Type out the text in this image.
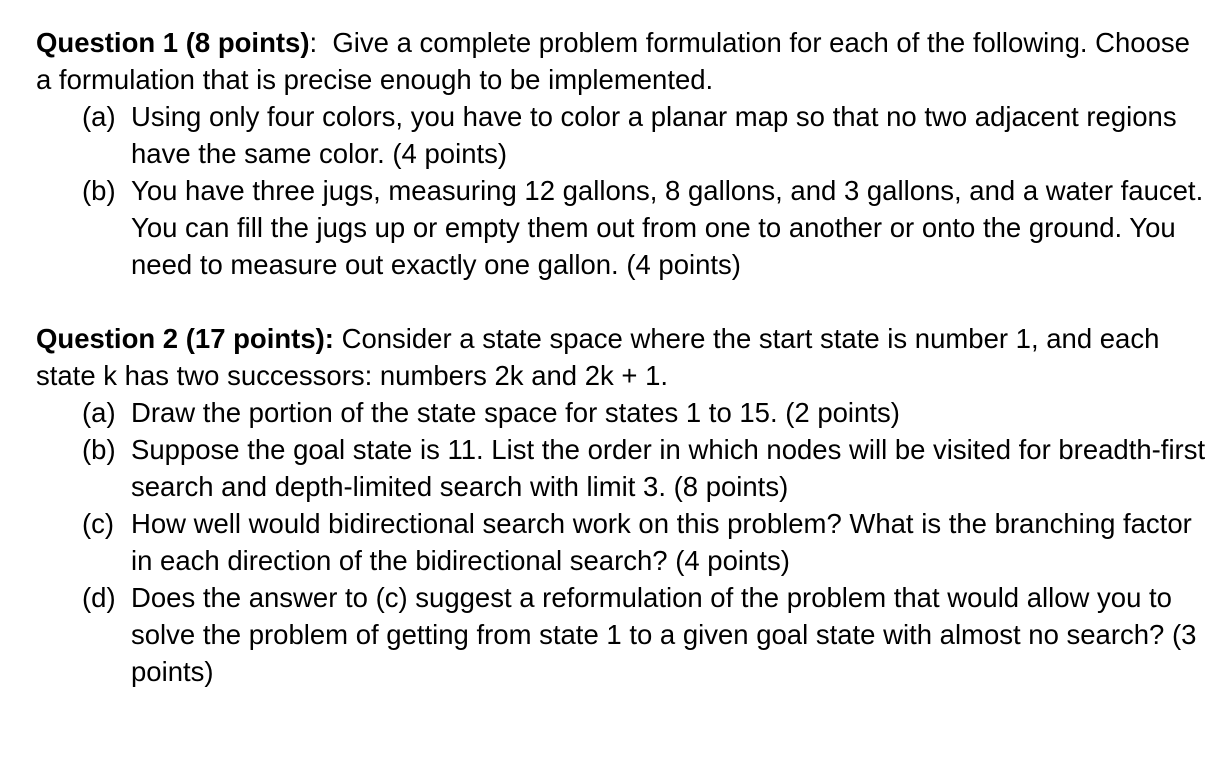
Question 1 (8 points):  Give a complete problem formulation for each of the following. Choose a formulation that is precise enough to be implemented.

(a) Using only four colors, you have to color a planar map so that no two adjacent regions have the same color. (4 points)
(b) You have three jugs, measuring 12 gallons, 8 gallons, and 3 gallons, and a water faucet. You can fill the jugs up or empty them out from one to another or onto the ground. You need to measure out exactly one gallon. (4 points)

Question 2 (17 points): Consider a state space where the start state is number 1, and each state k has two successors: numbers 2k and 2k + 1.

(a) Draw the portion of the state space for states 1 to 15. (2 points)
(b) Suppose the goal state is 11. List the order in which nodes will be visited for breadth-first search and depth-limited search with limit 3. (8 points)
(c) How well would bidirectional search work on this problem? What is the branching factor in each direction of the bidirectional search? (4 points)
(d) Does the answer to (c) suggest a reformulation of the problem that would allow you to solve the problem of getting from state 1 to a given goal state with almost no search? (3 points)
